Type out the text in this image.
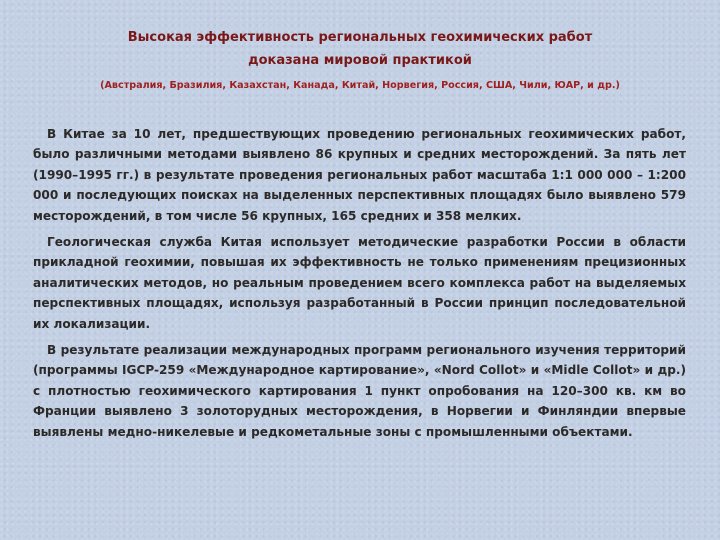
Высокая эффективность региональных геохимических работ
доказана мировой практикой

(Австралия, Бразилия, Казахстан, Канада, Китай, Норвегия, Россия, США, Чили, ЮАР, и др.)

В Китае за 10 лет, предшествующих проведению региональных геохимических работ, было различными методами выявлено 86 крупных и средних месторождений. За пять лет (1990–1995 гг.) в результате проведения региональных работ масштаба 1:1 000 000 – 1:200 000 и последующих поисках на выделенных перспективных площадях было выявлено 579 месторождений, в том числе 56 крупных, 165 средних и 358 мелких.

Геологическая служба Китая использует методические разработки России в области прикладной геохимии, повышая их эффективность не только применениям прецизионных аналитических методов, но реальным проведением всего комплекса работ на выделяемых перспективных площадях, используя разработанный в России принцип последовательной их локализации.

В результате реализации международных программ регионального изучения территорий (программы IGCP-259 «Международное картирование», «Nord Collot» и «Midle Collot» и др.) с плотностью геохимического картирования 1 пункт опробования на 120–300 кв. км во Франции выявлено 3 золоторудных месторождения, в Норвегии и Финляндии впервые выявлены медно-никелевые и редкометальные зоны с промышленными объектами.
